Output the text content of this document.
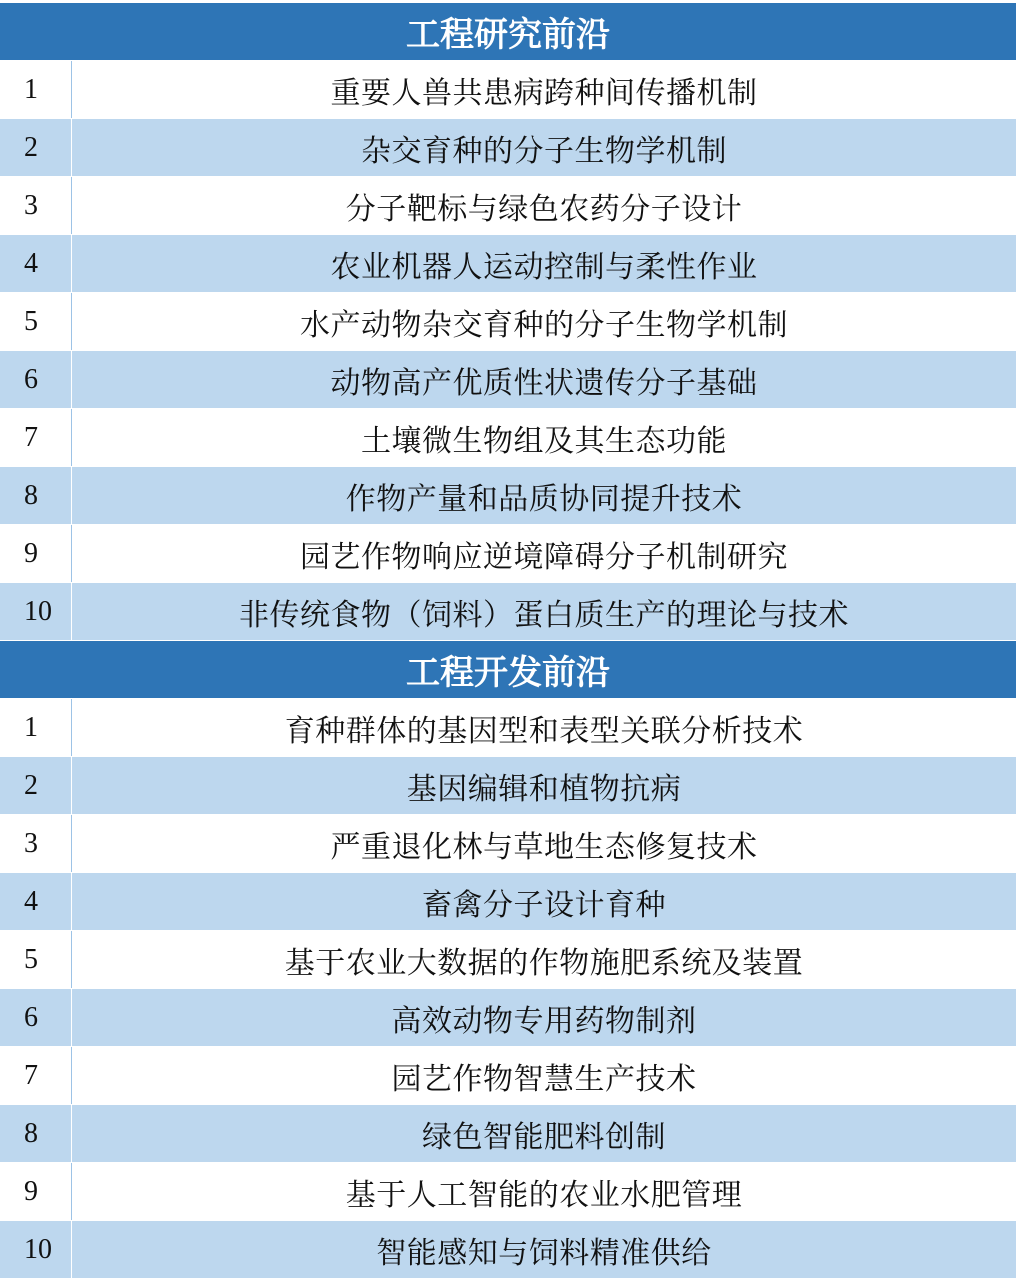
工程研究前沿
1	重要人兽共患病跨种间传播机制
2	杂交育种的分子生物学机制
3	分子靶标与绿色农药分子设计
4	农业机器人运动控制与柔性作业
5	水产动物杂交育种的分子生物学机制
6	动物高产优质性状遗传分子基础
7	土壤微生物组及其生态功能
8	作物产量和品质协同提升技术
9	园艺作物响应逆境障碍分子机制研究
10	非传统食物（饲料）蛋白质生产的理论与技术
工程开发前沿
1	育种群体的基因型和表型关联分析技术
2	基因编辑和植物抗病
3	严重退化林与草地生态修复技术
4	畜禽分子设计育种
5	基于农业大数据的作物施肥系统及装置
6	高效动物专用药物制剂
7	园艺作物智慧生产技术
8	绿色智能肥料创制
9	基于人工智能的农业水肥管理
10	智能感知与饲料精准供给
